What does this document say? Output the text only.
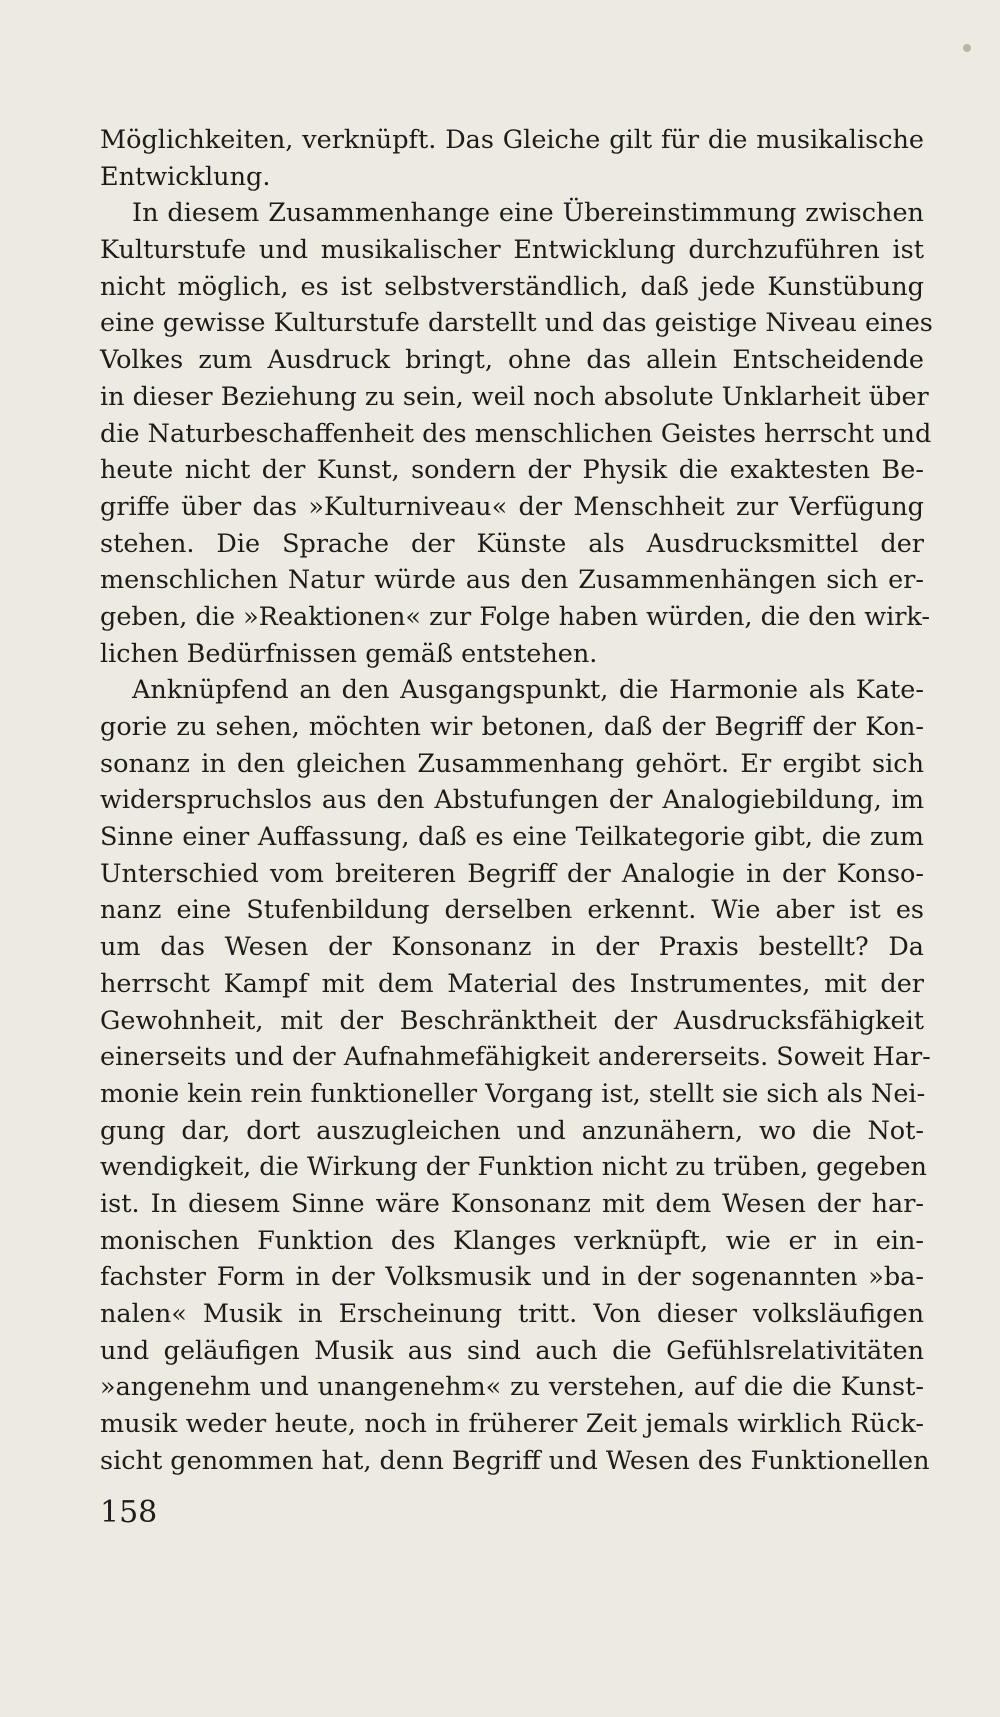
Möglichkeiten, verknüpft. Das Gleiche gilt für die musikalische
Entwicklung.
In diesem Zusammenhange eine Übereinstimmung zwischen
Kulturstufe und musikalischer Entwicklung durchzuführen ist
nicht möglich, es ist selbstverständlich, daß jede Kunstübung
eine gewisse Kulturstufe darstellt und das geistige Niveau eines
Volkes zum Ausdruck bringt, ohne das allein Entscheidende
in dieser Beziehung zu sein, weil noch absolute Unklarheit über
die Naturbeschaffenheit des menschlichen Geistes herrscht und
heute nicht der Kunst, sondern der Physik die exaktesten Be-
griffe über das »Kulturniveau« der Menschheit zur Verfügung
stehen. Die Sprache der Künste als Ausdrucksmittel der
menschlichen Natur würde aus den Zusammenhängen sich er-
geben, die »Reaktionen« zur Folge haben würden, die den wirk-
lichen Bedürfnissen gemäß entstehen.
Anknüpfend an den Ausgangspunkt, die Harmonie als Kate-
gorie zu sehen, möchten wir betonen, daß der Begriff der Kon-
sonanz in den gleichen Zusammenhang gehört. Er ergibt sich
widerspruchslos aus den Abstufungen der Analogiebildung, im
Sinne einer Auffassung, daß es eine Teilkategorie gibt, die zum
Unterschied vom breiteren Begriff der Analogie in der Konso-
nanz eine Stufenbildung derselben erkennt. Wie aber ist es
um das Wesen der Konsonanz in der Praxis bestellt? Da
herrscht Kampf mit dem Material des Instrumentes, mit der
Gewohnheit, mit der Beschränktheit der Ausdrucksfähigkeit
einerseits und der Aufnahmefähigkeit andererseits. Soweit Har-
monie kein rein funktioneller Vorgang ist, stellt sie sich als Nei-
gung dar, dort auszugleichen und anzunähern, wo die Not-
wendigkeit, die Wirkung der Funktion nicht zu trüben, gegeben
ist. In diesem Sinne wäre Konsonanz mit dem Wesen der har-
monischen Funktion des Klanges verknüpft, wie er in ein-
fachster Form in der Volksmusik und in der sogenannten »ba-
nalen« Musik in Erscheinung tritt. Von dieser volksläufigen
und geläufigen Musik aus sind auch die Gefühlsrelativitäten
»angenehm und unangenehm« zu verstehen, auf die die Kunst-
musik weder heute, noch in früherer Zeit jemals wirklich Rück-
sicht genommen hat, denn Begriff und Wesen des Funktionellen
158
